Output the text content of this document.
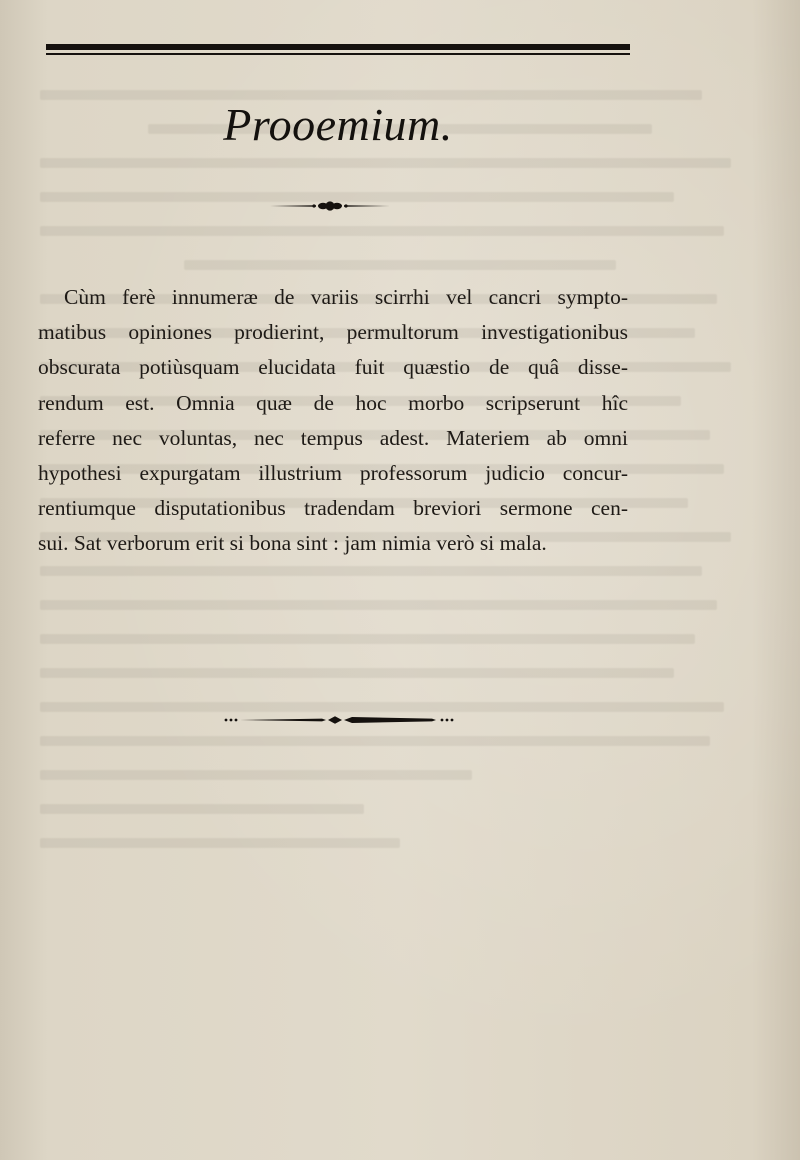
Prooemium.

Cùm ferè innumeræ de variis scirrhi vel cancri sympto-
matibus opiniones prodierint, permultorum investigationibus
obscurata potiùsquam elucidata fuit quæstio de quâ disse-
rendum est. Omnia quæ de hoc morbo scripserunt hîc
referre nec voluntas, nec tempus adest. Materiem ab omni
hypothesi expurgatam illustrium professorum judicio concur-
rentiumque disputationibus tradendam breviori sermone cen-
sui. Sat verborum erit si bona sint : jam nimia verò si mala.
